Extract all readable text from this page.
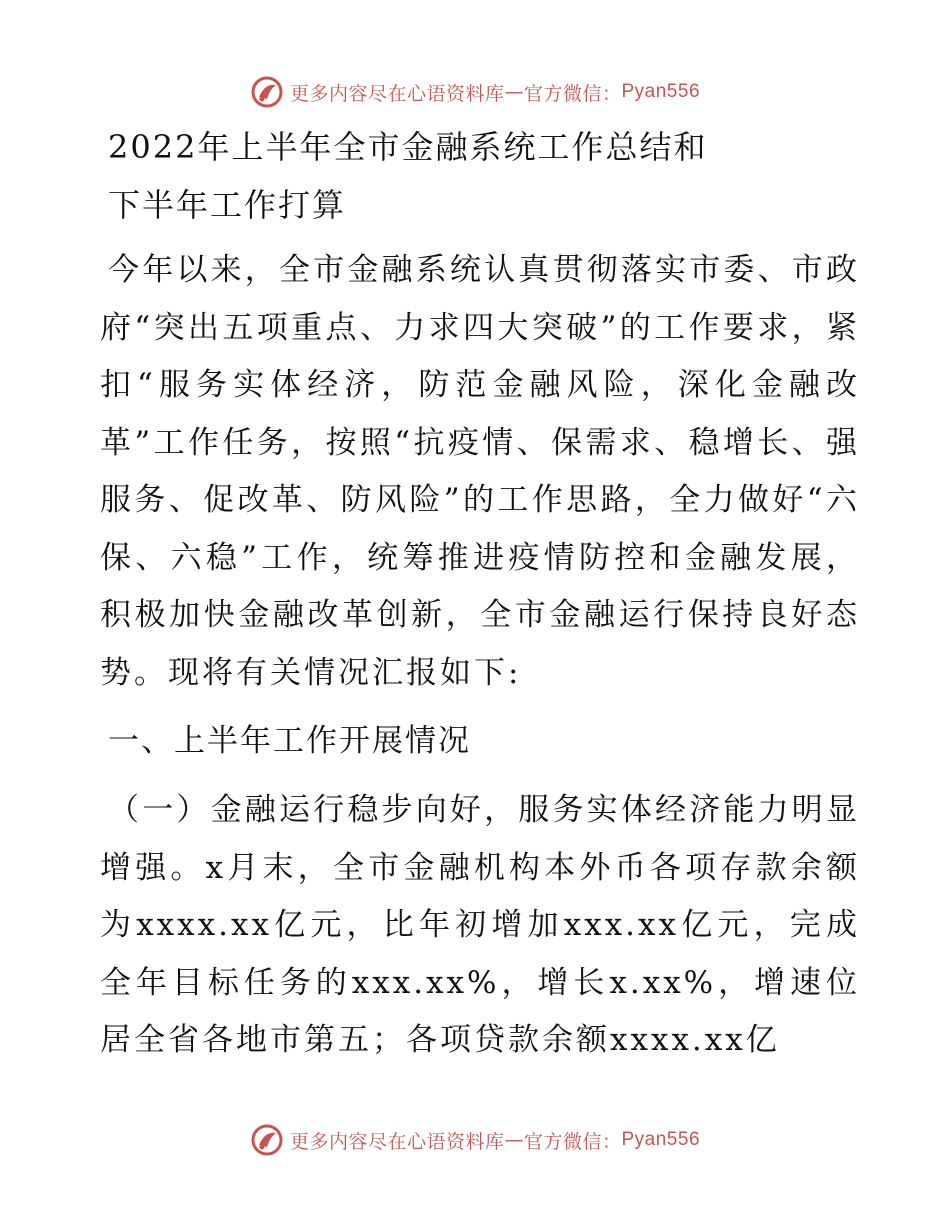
更多内容尽在心语资料库 — 官方微信： Pyan556
2022年上半年全市金融系统工作总结和
下半年工作打算

今年以来，全市金融系统认真贯彻落实市委、市政府“突出五项重点、力求四大突破”的工作要求，紧扣“服务实体经济，防范金融风险，深化金融改革”工作任务，按照“抗疫情、保需求、稳增长、强服务、促改革、防风险”的工作思路，全力做好“六保、六稳”工作，统筹推进疫情防控和金融发展，积极加快金融改革创新，全市金融运行保持良好态势。现将有关情况汇报如下:

一、上半年工作开展情况

（一）金融运行稳步向好，服务实体经济能力明显增强。x月末，全市金融机构本外币各项存款余额为xxxx.xx亿元，比年初增加xxx.xx亿元，完成全年目标任务的xxx.xx%，增长x.xx%，增速位居全省各地市第五；各项贷款余额xxxx.xx亿

更多内容尽在心语资料库 — 官方微信： Pyan556
